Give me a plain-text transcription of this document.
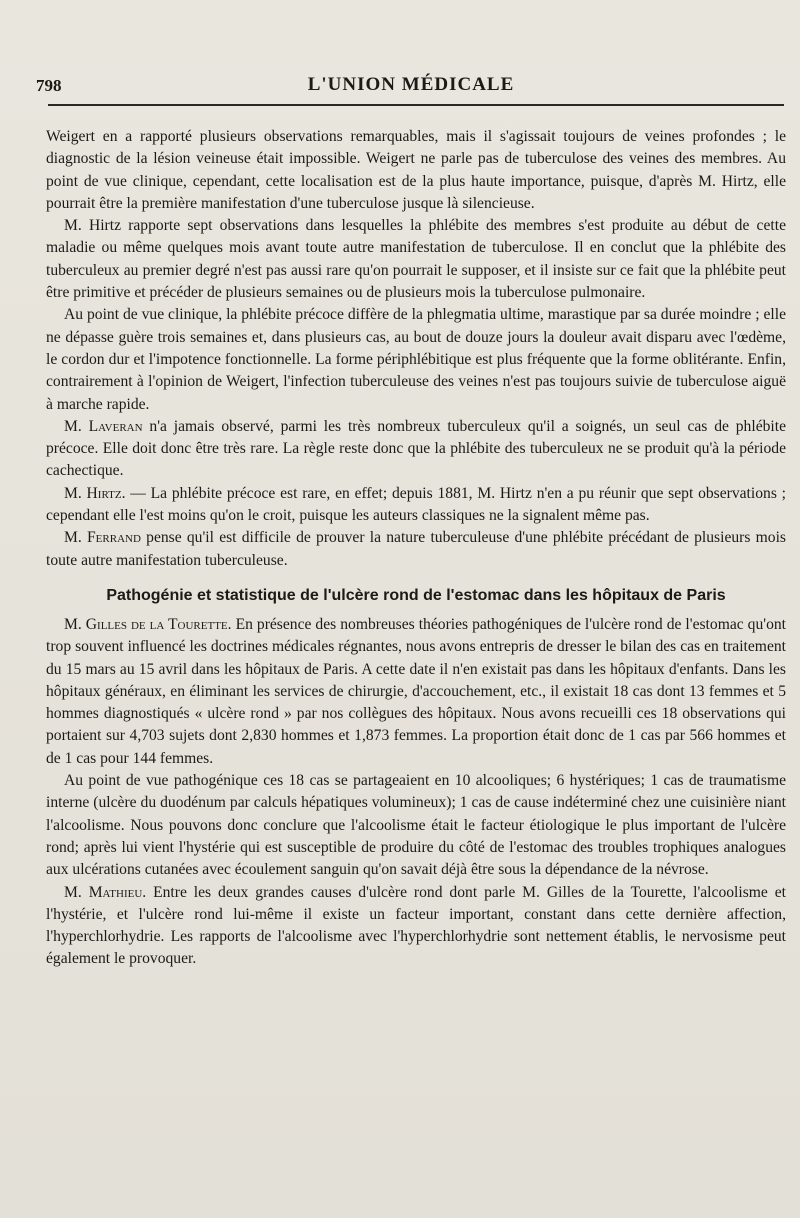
798	L'UNION MÉDICALE

Weigert en a rapporté plusieurs observations remarquables, mais il s'agissait toujours de veines profondes ; le diagnostic de la lésion veineuse était impossible. Weigert ne parle pas de tuberculose des veines des membres. Au point de vue clinique, cependant, cette localisation est de la plus haute importance, puisque, d'après M. Hirtz, elle pourrait être la première manifestation d'une tuberculose jusque là silencieuse.

M. Hirtz rapporte sept observations dans lesquelles la phlébite des membres s'est produite au début de cette maladie ou même quelques mois avant toute autre manifestation de tuberculose. Il en conclut que la phlébite des tuberculeux au premier degré n'est pas aussi rare qu'on pourrait le supposer, et il insiste sur ce fait que la phlébite peut être primitive et précéder de plusieurs semaines ou de plusieurs mois la tuberculose pulmonaire.

Au point de vue clinique, la phlébite précoce diffère de la phlegmatia ultime, marastique par sa durée moindre ; elle ne dépasse guère trois semaines et, dans plusieurs cas, au bout de douze jours la douleur avait disparu avec l'œdème, le cordon dur et l'impotence fonctionnelle. La forme périphlébitique est plus fréquente que la forme oblitérante. Enfin, contrairement à l'opinion de Weigert, l'infection tuberculeuse des veines n'est pas toujours suivie de tuberculose aiguë à marche rapide.

M. Laveran n'a jamais observé, parmi les très nombreux tuberculeux qu'il a soignés, un seul cas de phlébite précoce. Elle doit donc être très rare. La règle reste donc que la phlébite des tuberculeux ne se produit qu'à la période cachectique.

M. Hirtz. — La phlébite précoce est rare, en effet; depuis 1881, M. Hirtz n'en a pu réunir que sept observations ; cependant elle l'est moins qu'on le croit, puisque les auteurs classiques ne la signalent même pas.

M. Ferrand pense qu'il est difficile de prouver la nature tuberculeuse d'une phlébite précédant de plusieurs mois toute autre manifestation tuberculeuse.

Pathogénie et statistique de l'ulcère rond de l'estomac dans les hôpitaux de Paris

M. Gilles de la Tourette. En présence des nombreuses théories pathogéniques de l'ulcère rond de l'estomac qu'ont trop souvent influencé les doctrines médicales régnantes, nous avons entrepris de dresser le bilan des cas en traitement du 15 mars au 15 avril dans les hôpitaux de Paris. A cette date il n'en existait pas dans les hôpitaux d'enfants. Dans les hôpitaux généraux, en éliminant les services de chirurgie, d'accouchement, etc., il existait 18 cas dont 13 femmes et 5 hommes diagnostiqués « ulcère rond » par nos collègues des hôpitaux. Nous avons recueilli ces 18 observations qui portaient sur 4,703 sujets dont 2,830 hommes et 1,873 femmes. La proportion était donc de 1 cas par 566 hommes et de 1 cas pour 144 femmes.

Au point de vue pathogénique ces 18 cas se partageaient en 10 alcooliques; 6 hystériques; 1 cas de traumatisme interne (ulcère du duodénum par calculs hépatiques volumineux); 1 cas de cause indéterminé chez une cuisinière niant l'alcoolisme. Nous pouvons donc conclure que l'alcoolisme était le facteur étiologique le plus important de l'ulcère rond; après lui vient l'hystérie qui est susceptible de produire du côté de l'estomac des troubles trophiques analogues aux ulcérations cutanées avec écoulement sanguin qu'on savait déjà être sous la dépendance de la névrose.

M. Mathieu. Entre les deux grandes causes d'ulcère rond dont parle M. Gilles de la Tourette, l'alcoolisme et l'hystérie, et l'ulcère rond lui-même il existe un facteur important, constant dans cette dernière affection, l'hyperchlorhydrie. Les rapports de l'alcoolisme avec l'hyperchlorhydrie sont nettement établis, le nervosisme peut également le provoquer.
